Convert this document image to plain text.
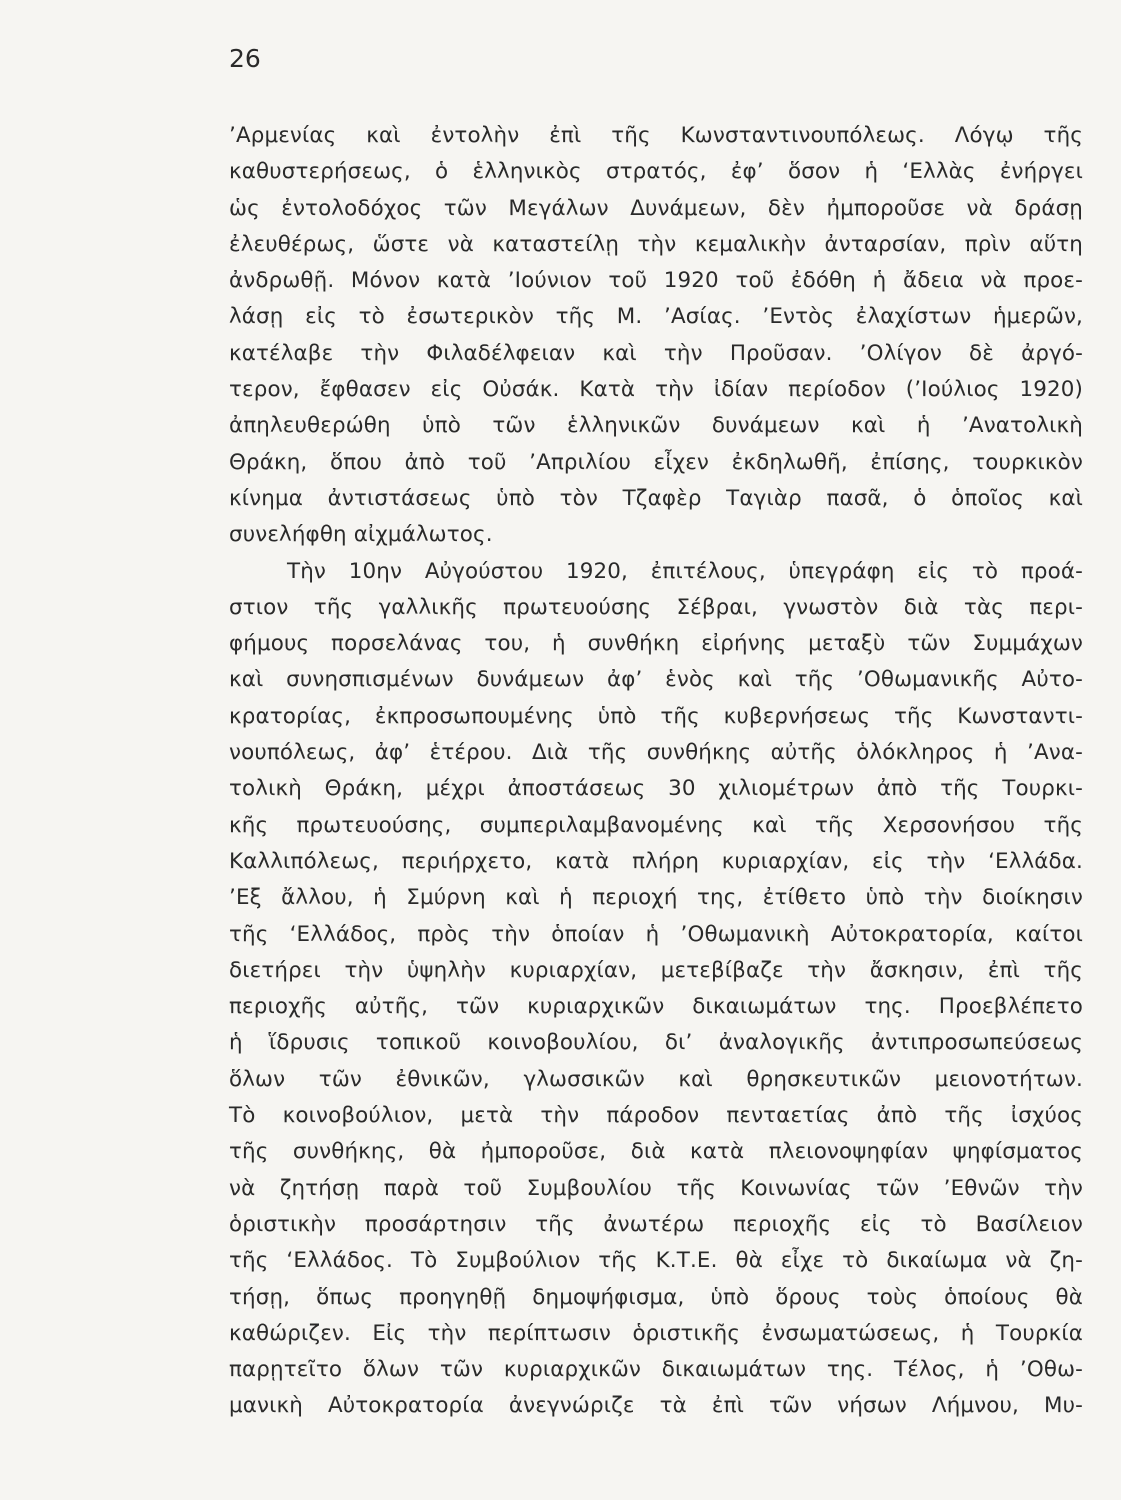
26
’Αρμενίας καὶ ἐντολὴν ἐπὶ τῆς Κωνσταντινουπόλεως. Λόγῳ τῆς
καθυστερήσεως, ὁ ἑλληνικὸς στρατός, ἐφ’ ὅσον ἡ ‘Ελλὰς ἐνήργει
ὡς ἐντολοδόχος τῶν Μεγάλων Δυνάμεων, δὲν ἠμποροῦσε νὰ δράσῃ
ἐλευθέρως, ὥστε νὰ καταστείλῃ τὴν κεμαλικὴν ἀνταρσίαν, πρὶν αὕτη
ἀνδρωθῇ. Μόνον κατὰ ’Ιούνιον τοῦ 1920 τοῦ ἐδόθη ἡ ἄδεια νὰ προε-
λάσῃ εἰς τὸ ἐσωτερικὸν τῆς Μ. ’Ασίας. ’Εντὸς ἐλαχίστων ἡμερῶν,
κατέλαβε τὴν Φιλαδέλφειαν καὶ τὴν Προῦσαν. ’Ολίγον δὲ ἀργό-
τερον, ἔφθασεν εἰς Οὐσάκ. Κατὰ τὴν ἰδίαν περίοδον (’Ιούλιος 1920)
ἀπηλευθερώθη ὑπὸ τῶν ἑλληνικῶν δυνάμεων καὶ ἡ ’Ανατολικὴ
Θράκη, ὅπου ἀπὸ τοῦ ’Απριλίου εἶχεν ἐκδηλωθῆ, ἐπίσης, τουρκικὸν
κίνημα ἀντιστάσεως ὑπὸ τὸν Τζαφὲρ Ταγιὰρ πασᾶ, ὁ ὁποῖος καὶ
συνελήφθη αἰχμάλωτος.
Τὴν 10ην Αὐγούστου 1920, ἐπιτέλους, ὑπεγράφη εἰς τὸ προά-
στιον τῆς γαλλικῆς πρωτευούσης Σέβραι, γνωστὸν διὰ τὰς περι-
φήμους πορσελάνας του, ἡ συνθήκη εἰρήνης μεταξὺ τῶν Συμμάχων
καὶ συνησπισμένων δυνάμεων ἀφ’ ἑνὸς καὶ τῆς ’Οθωμανικῆς Αὐτο-
κρατορίας, ἐκπροσωπουμένης ὑπὸ τῆς κυβερνήσεως τῆς Κωνσταντι-
νουπόλεως, ἀφ’ ἑτέρου. Διὰ τῆς συνθήκης αὐτῆς ὁλόκληρος ἡ ’Ανα-
τολικὴ Θράκη, μέχρι ἀποστάσεως 30 χιλιομέτρων ἀπὸ τῆς Τουρκι-
κῆς πρωτευούσης, συμπεριλαμβανομένης καὶ τῆς Χερσονήσου τῆς
Καλλιπόλεως, περιήρχετο, κατὰ πλήρη κυριαρχίαν, εἰς τὴν ‘Ελλάδα.
’Εξ ἄλλου, ἡ Σμύρνη καὶ ἡ περιοχή της, ἐτίθετο ὑπὸ τὴν διοίκησιν
τῆς ‘Ελλάδος, πρὸς τὴν ὁποίαν ἡ ’Οθωμανικὴ Αὐτοκρατορία, καίτοι
διετήρει τὴν ὑψηλὴν κυριαρχίαν, μετεβίβαζε τὴν ἄσκησιν, ἐπὶ τῆς
περιοχῆς αὐτῆς, τῶν κυριαρχικῶν δικαιωμάτων της. Προεβλέπετο
ἡ ἵδρυσις τοπικοῦ κοινοβουλίου, δι’ ἀναλογικῆς ἀντιπροσωπεύσεως
ὅλων τῶν ἐθνικῶν, γλωσσικῶν καὶ θρησκευτικῶν μειονοτήτων.
Τὸ κοινοβούλιον, μετὰ τὴν πάροδον πενταετίας ἀπὸ τῆς ἰσχύος
τῆς συνθήκης, θὰ ἠμποροῦσε, διὰ κατὰ πλειονοψηφίαν ψηφίσματος
νὰ ζητήσῃ παρὰ τοῦ Συμβουλίου τῆς Κοινωνίας τῶν ’Εθνῶν τὴν
ὁριστικὴν προσάρτησιν τῆς ἀνωτέρω περιοχῆς εἰς τὸ Βασίλειον
τῆς ‘Ελλάδος. Τὸ Συμβούλιον τῆς Κ.Τ.Ε. θὰ εἶχε τὸ δικαίωμα νὰ ζη-
τήσῃ, ὅπως προηγηθῇ δημοψήφισμα, ὑπὸ ὅρους τοὺς ὁποίους θὰ
καθώριζεν. Εἰς τὴν περίπτωσιν ὁριστικῆς ἐνσωματώσεως, ἡ Τουρκία
παρῃτεῖτο ὅλων τῶν κυριαρχικῶν δικαιωμάτων της. Τέλος, ἡ ’Οθω-
μανικὴ Αὐτοκρατορία ἀνεγνώριζε τὰ ἐπὶ τῶν νήσων Λήμνου, Μυ-
